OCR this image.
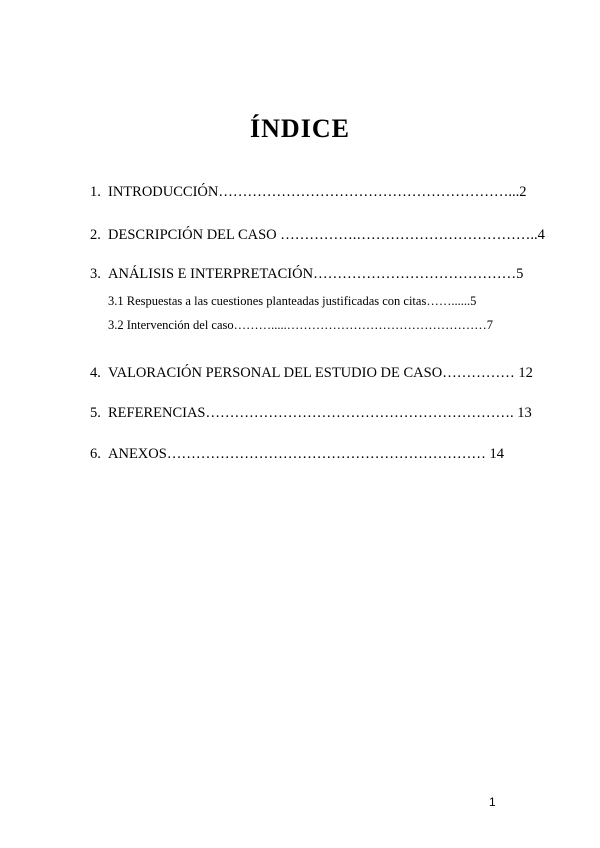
ÍNDICE
1. INTRODUCCIÓN……………………………………………………...2
2. DESCRIPCIÓN DEL CASO …………….………………………………..4
3. ANÁLISIS E INTERPRETACIÓN……………………………………5
3.1 Respuestas a las cuestiones planteadas justificadas con citas……......5
3.2 Intervención del caso……….....…………………………………………7
4. VALORACIÓN PERSONAL DEL ESTUDIO DE CASO…………… 12
5. REFERENCIAS………………………………………………………. 13
6. ANEXOS………………………………………………………… 14
1
